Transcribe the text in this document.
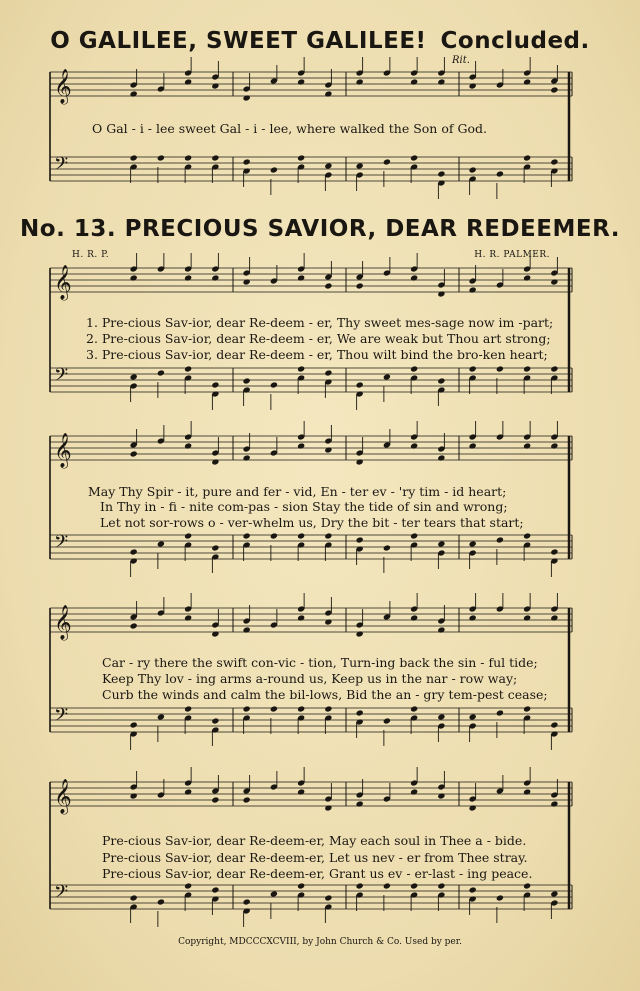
𝄞
𝄢
𝄞
𝄢
𝄞
𝄢
𝄞
𝄢
𝄞
𝄢
O GALILEE, SWEET GALILEE! Concluded.
Rit.
O Gal - i - lee sweet Gal - i - lee, where walked the Son of God.
No. 13. PRECIOUS SAVIOR, DEAR REDEEMER.
H. R. P.	H. R. PALMER.
1. Pre-cious Sav-ior, dear Re-deem - er, Thy sweet mes-sage now im -part;
2. Pre-cious Sav-ior, dear Re-deem - er, We are weak but Thou art strong;
3. Pre-cious Sav-ior, dear Re-deem - er, Thou wilt bind the bro-ken heart;
May Thy Spir - it, pure and fer - vid, En - ter ev - 'ry tim - id heart;
In Thy in - fi - nite com-pas - sion Stay the tide of sin and wrong;
Let not sor-rows o - ver-whelm us, Dry the bit - ter tears that start;
Car - ry there the swift con-vic - tion, Turn-ing back the sin - ful tide;
Keep Thy lov - ing arms a-round us, Keep us in the nar - row way;
Curb the winds and calm the bil-lows, Bid the an - gry tem-pest cease;
Pre-cious Sav-ior, dear Re-deem-er, May each soul in Thee a - bide.
Pre-cious Sav-ior, dear Re-deem-er, Let us nev - er from Thee stray.
Pre-cious Sav-ior, dear Re-deem-er, Grant us ev - er-last - ing peace.
Copyright, MDCCCXCVIII, by John Church & Co. Used by per.
